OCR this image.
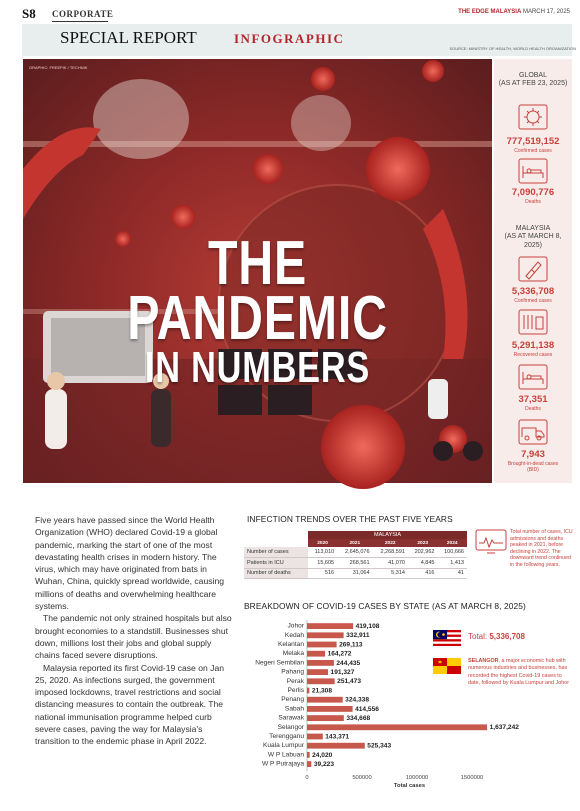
S8 CORPORATE	THE EDGE MALAYSIA MARCH 17, 2025
SPECIAL REPORT	INFOGRAPHIC
SOURCE: MINISTRY OF HEALTH, WORLD HEALTH ORGANIZATION
GRAPHIC: FREEPIK / TECHNIK
THE
PANDEMIC
IN NUMBERS
GLOBAL
(AS AT FEB 23, 2025)
777,519,152
Confirmed cases
7,090,776
Deaths
MALAYSIA
(AS AT MARCH 8, 2025)
5,336,708
Confirmed cases
5,291,138
Recovered cases
37,351
Deaths
7,943
Brought-in-dead cases (BID)

Five years have passed since the World Health Organization (WHO) declared Covid-19 a global pandemic, marking the start of one of the most devastating health crises in modern history. The virus, which may have originated from bats in Wuhan, China, quickly spread worldwide, causing millions of deaths and overwhelming healthcare systems.

The pandemic not only strained hospitals but also brought economies to a standstill. Businesses shut down, millions lost their jobs and global supply chains faced severe disruptions.

Malaysia reported its first Covid-19 case on Jan 25, 2020. As infections surged, the government imposed lockdowns, travel restrictions and social distancing measures to contain the outbreak. The national immunisation programme helped curb severe cases, paving the way for Malaysia's transition to the endemic phase in April 2022.

INFECTION TRENDS OVER THE PAST FIVE YEARS
	MALAYSIA				
	2020	2021	2022	2023	2024
Number of cases	113,010	2,645,076	2,268,591	202,962	100,666
Patients in ICU	15,605	268,561	41,070	4,845	1,413
Number of deaths	516	31,064	5,314	416	41
Total number of cases, ICU admissions and deaths peaked in 2021, before declining in 2022. The downward trend continued in the following years.
BREAKDOWN OF COVID-19 CASES BY STATE (AS AT MARCH 8, 2025)
Johor	419,108
Kedah	332,911
Kelantan	269,113
Melaka	164,272
Negeri Sembilan	244,435
Pahang	191,327
Perak	251,473
Perlis 21,308
Penang	324,338
Sabah	414,556
Sarawak	334,668
Selangor	1,637,242
Terengganu	143,371
Kuala Lumpur	525,343
W P Labuan 24,020
W P Putrajaya 39,223
0	500000	1000000	1500000
Total cases
Total: 5,336,708
SELANGOR, a major economic hub with numerous industries and businesses, has recorded the highest Covid-19 cases to date, followed by Kuala Lumpur and Johor
